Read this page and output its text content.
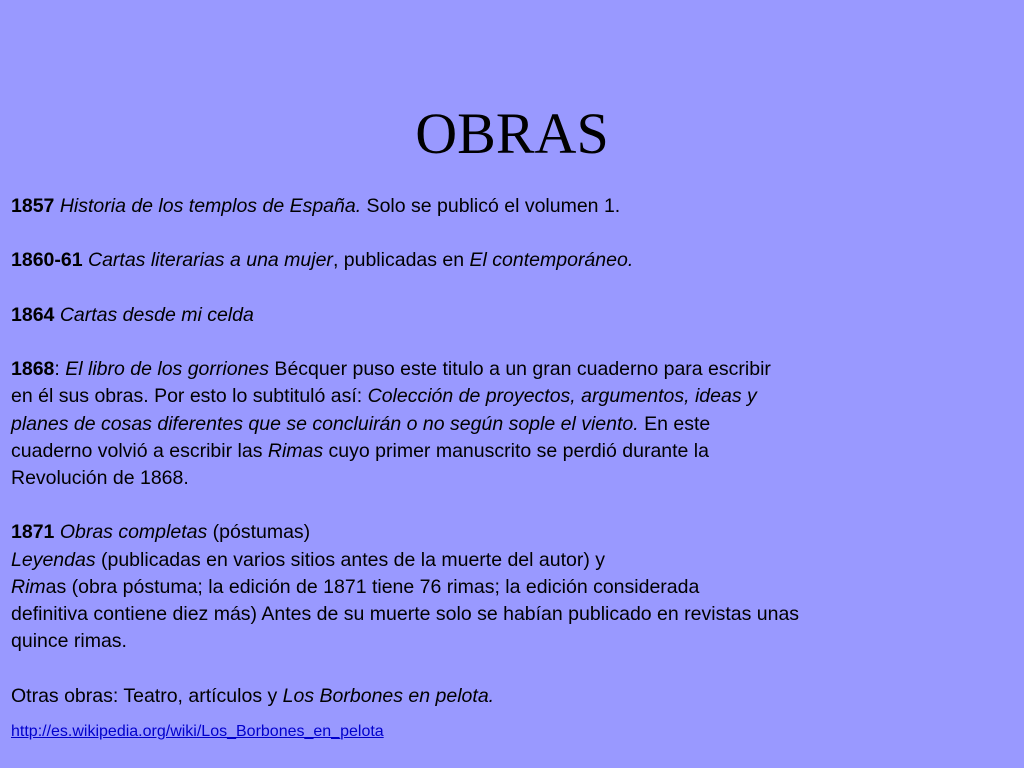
OBRAS
1857 Historia de los templos de España. Solo se publicó el volumen 1.
1860-61 Cartas literarias a una mujer, publicadas en El contemporáneo.
1864 Cartas desde mi celda
1868: El libro de los gorriones Bécquer puso este titulo a un gran cuaderno para escribir
en él sus obras. Por esto lo subtituló así: Colección de proyectos, argumentos, ideas y
planes de cosas diferentes que se concluirán o no según sople el viento. En este
cuaderno volvió a escribir las Rimas cuyo primer manuscrito se perdió durante la
Revolución de 1868.
1871 Obras completas (póstumas)
Leyendas (publicadas en varios sitios antes de la muerte del autor) y
Rimas (obra póstuma; la edición de 1871 tiene 76 rimas; la edición considerada
definitiva contiene diez más) Antes de su muerte solo se habían publicado en revistas unas
quince rimas.
Otras obras: Teatro, artículos y Los Borbones en pelota.
http://es.wikipedia.org/wiki/Los_Borbones_en_pelota
